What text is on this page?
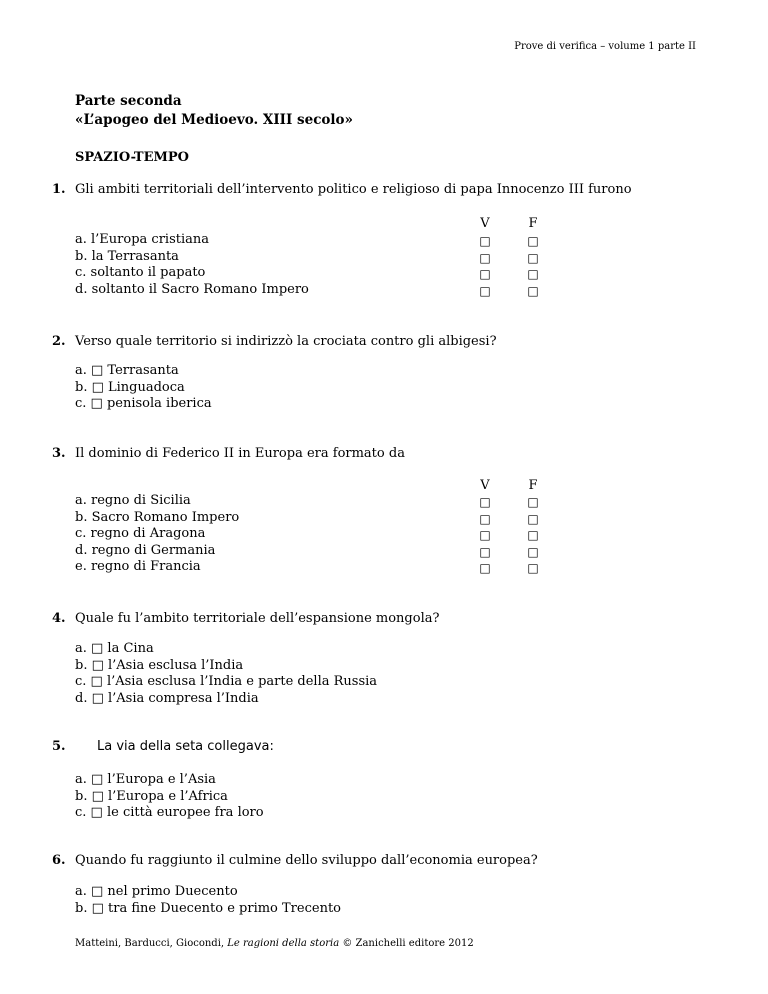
Prove di verifica – volume 1 parte II
Parte seconda
«L’apogeo del Medioevo. XIII secolo»
SPAZIO-TEMPO
1. Gli ambiti territoriali dell’intervento politico e religioso di papa Innocenzo III furono
V	F
a. l’Europa cristiana
b. la Terrasanta
c. soltanto il papato
d. soltanto il Sacro Romano Impero
□
□
□
□
□
□
□
□
2. Verso quale territorio si indirizzò la crociata contro gli albigesi?
a. □ Terrasanta
b. □ Linguadoca
c. □ penisola iberica
3. Il dominio di Federico II in Europa era formato da
V	F
a. regno di Sicilia
b. Sacro Romano Impero
c. regno di Aragona
d. regno di Germania
e. regno di Francia
□
□
□
□
□
□
□
□
□
□
4. Quale fu l’ambito territoriale dell’espansione mongola?
a. □ la Cina
b. □ l’Asia esclusa l’India
c. □ l’Asia esclusa l’India e parte della Russia
d. □ l’Asia compresa l’India
5. La via della seta collegava:
a. □ l’Europa e l’Asia
b. □ l’Europa e l’Africa
c. □ le città europee fra loro
6. Quando fu raggiunto il culmine dello sviluppo dall’economia europea?
a. □ nel primo Duecento
b. □ tra fine Duecento e primo Trecento
Matteini, Barducci, Giocondi, Le ragioni della storia © Zanichelli editore 2012
